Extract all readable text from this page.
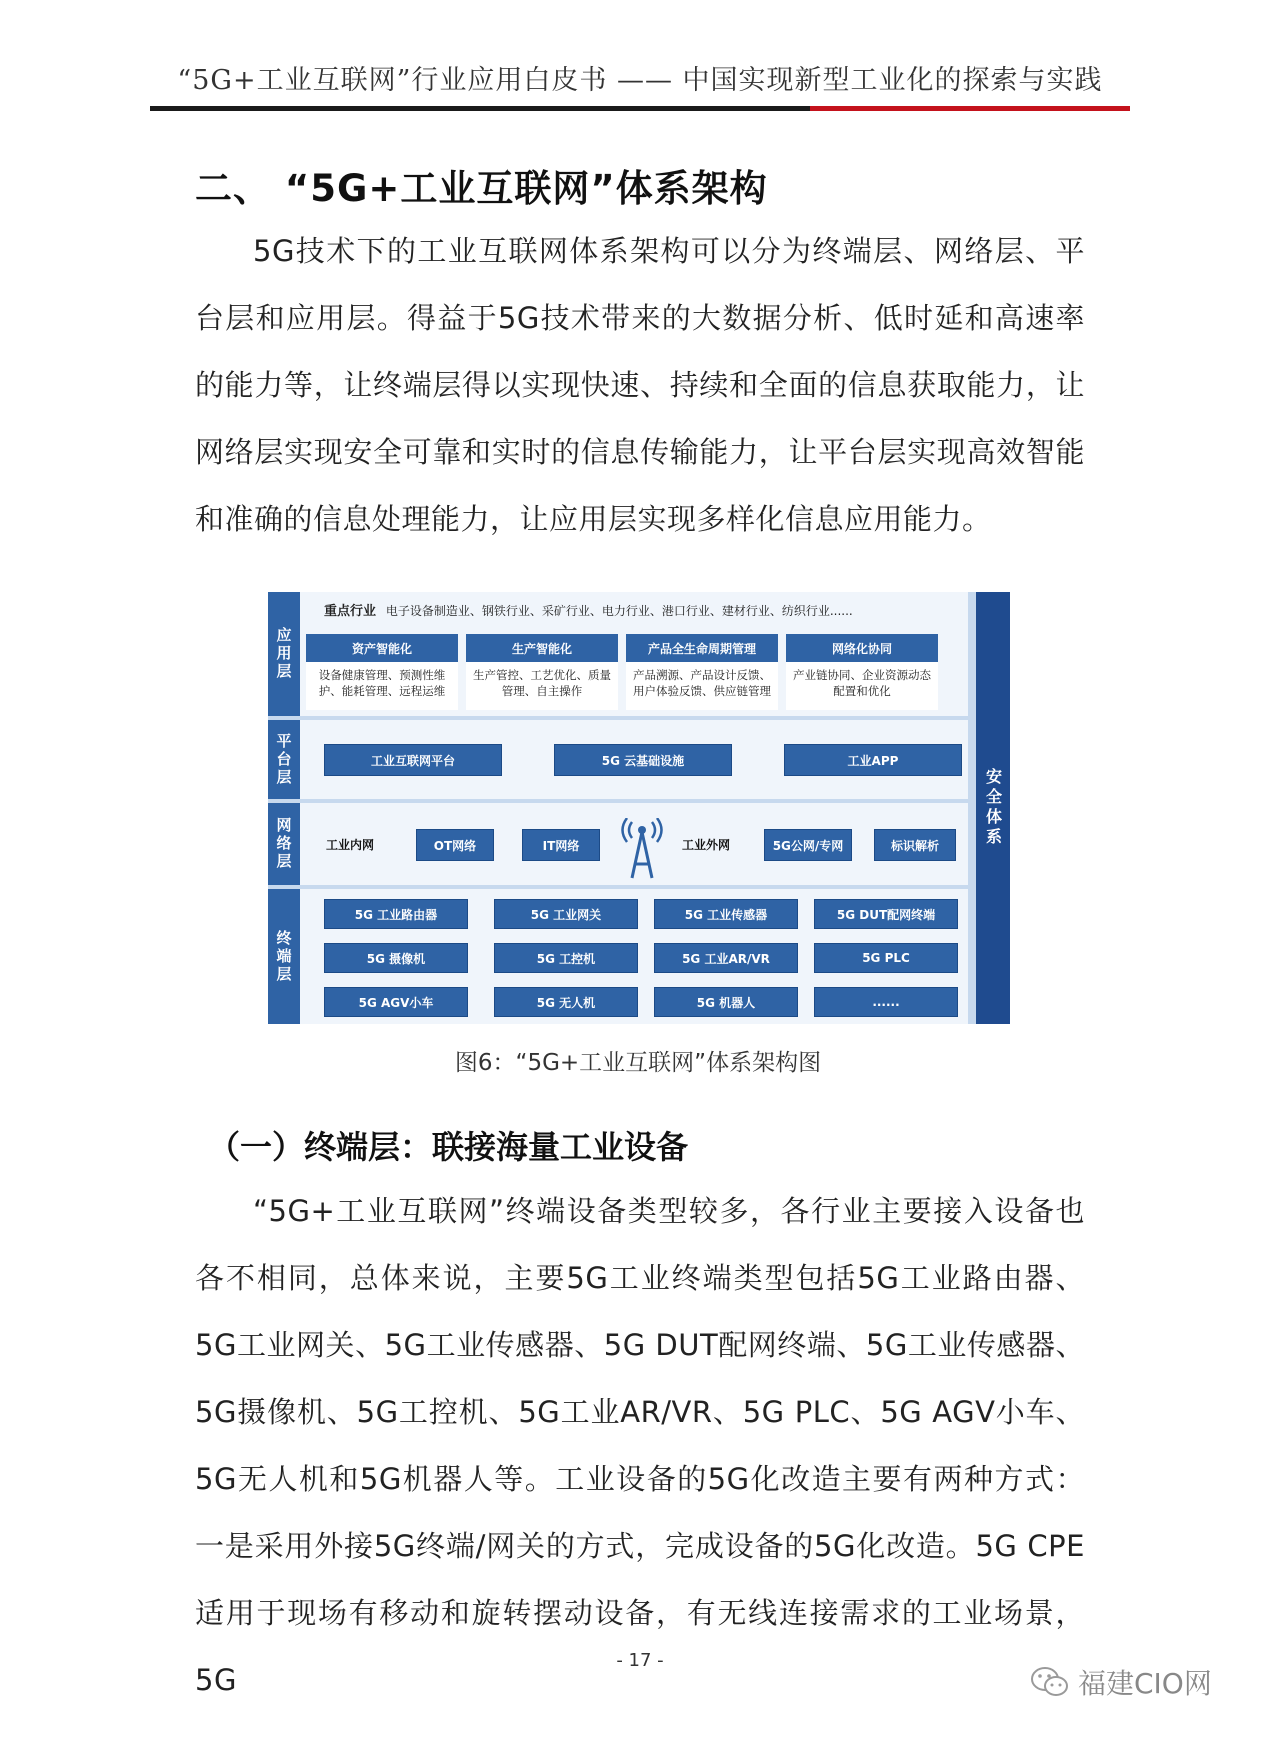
“5G+工业互联网”行业应用白皮书 —— 中国实现新型工业化的探索与实践
二、 “5G+工业互联网”体系架构

5G技术下的工业互联网体系架构可以分为终端层、网络层、平台层和应用层。得益于5G技术带来的大数据分析、低时延和高速率的能力等，让终端层得以实现快速、持续和全面的信息获取能力，让网络层实现安全可靠和实时的信息传输能力，让平台层实现高效智能和准确的信息处理能力，让应用层实现多样化信息应用能力。

应用层
重点行业 电子设备制造业、钢铁行业、采矿行业、电力行业、港口行业、建材行业、纺织行业......
资产智能化
设备健康管理、预测性维护、能耗管理、远程运维
生产智能化
生产管控、工艺优化、质量管理、自主操作
产品全生命周期管理
产品溯源、产品设计反馈、用户体验反馈、供应链管理
网络化协同
产业链协同、企业资源动态配置和优化
平台层	工业互联网平台	5G 云基础设施	工业APP
网络层	工业内网	OT网络	IT网络	工业外网	5G公网/专网	标识解析
终端层
5G 工业路由器	5G 工业网关	5G 工业传感器	5G DUT配网终端
5G 摄像机	5G 工控机	5G 工业AR/VR	5G PLC
5G AGV小车	5G 无人机	5G 机器人	......
安全体系
图6：“5G+工业互联网”体系架构图
（一）终端层：联接海量工业设备

“5G+工业互联网”终端设备类型较多，各行业主要接入设备也各不相同，总体来说，主要5G工业终端类型包括5G工业路由器、5G工业网关、5G工业传感器、5G DUT配网终端、5G工业传感器、5G摄像机、5G工控机、5G工业AR/VR、5G PLC、5G AGV小车、5G无人机和5G机器人等。工业设备的5G化改造主要有两种方式：一是采用外接5G终端/网关的方式，完成设备的5G化改造。5G CPE适用于现场有移动和旋转摆动设备，有无线连接需求的工业场景，5G

- 17 -
福建CIO网
